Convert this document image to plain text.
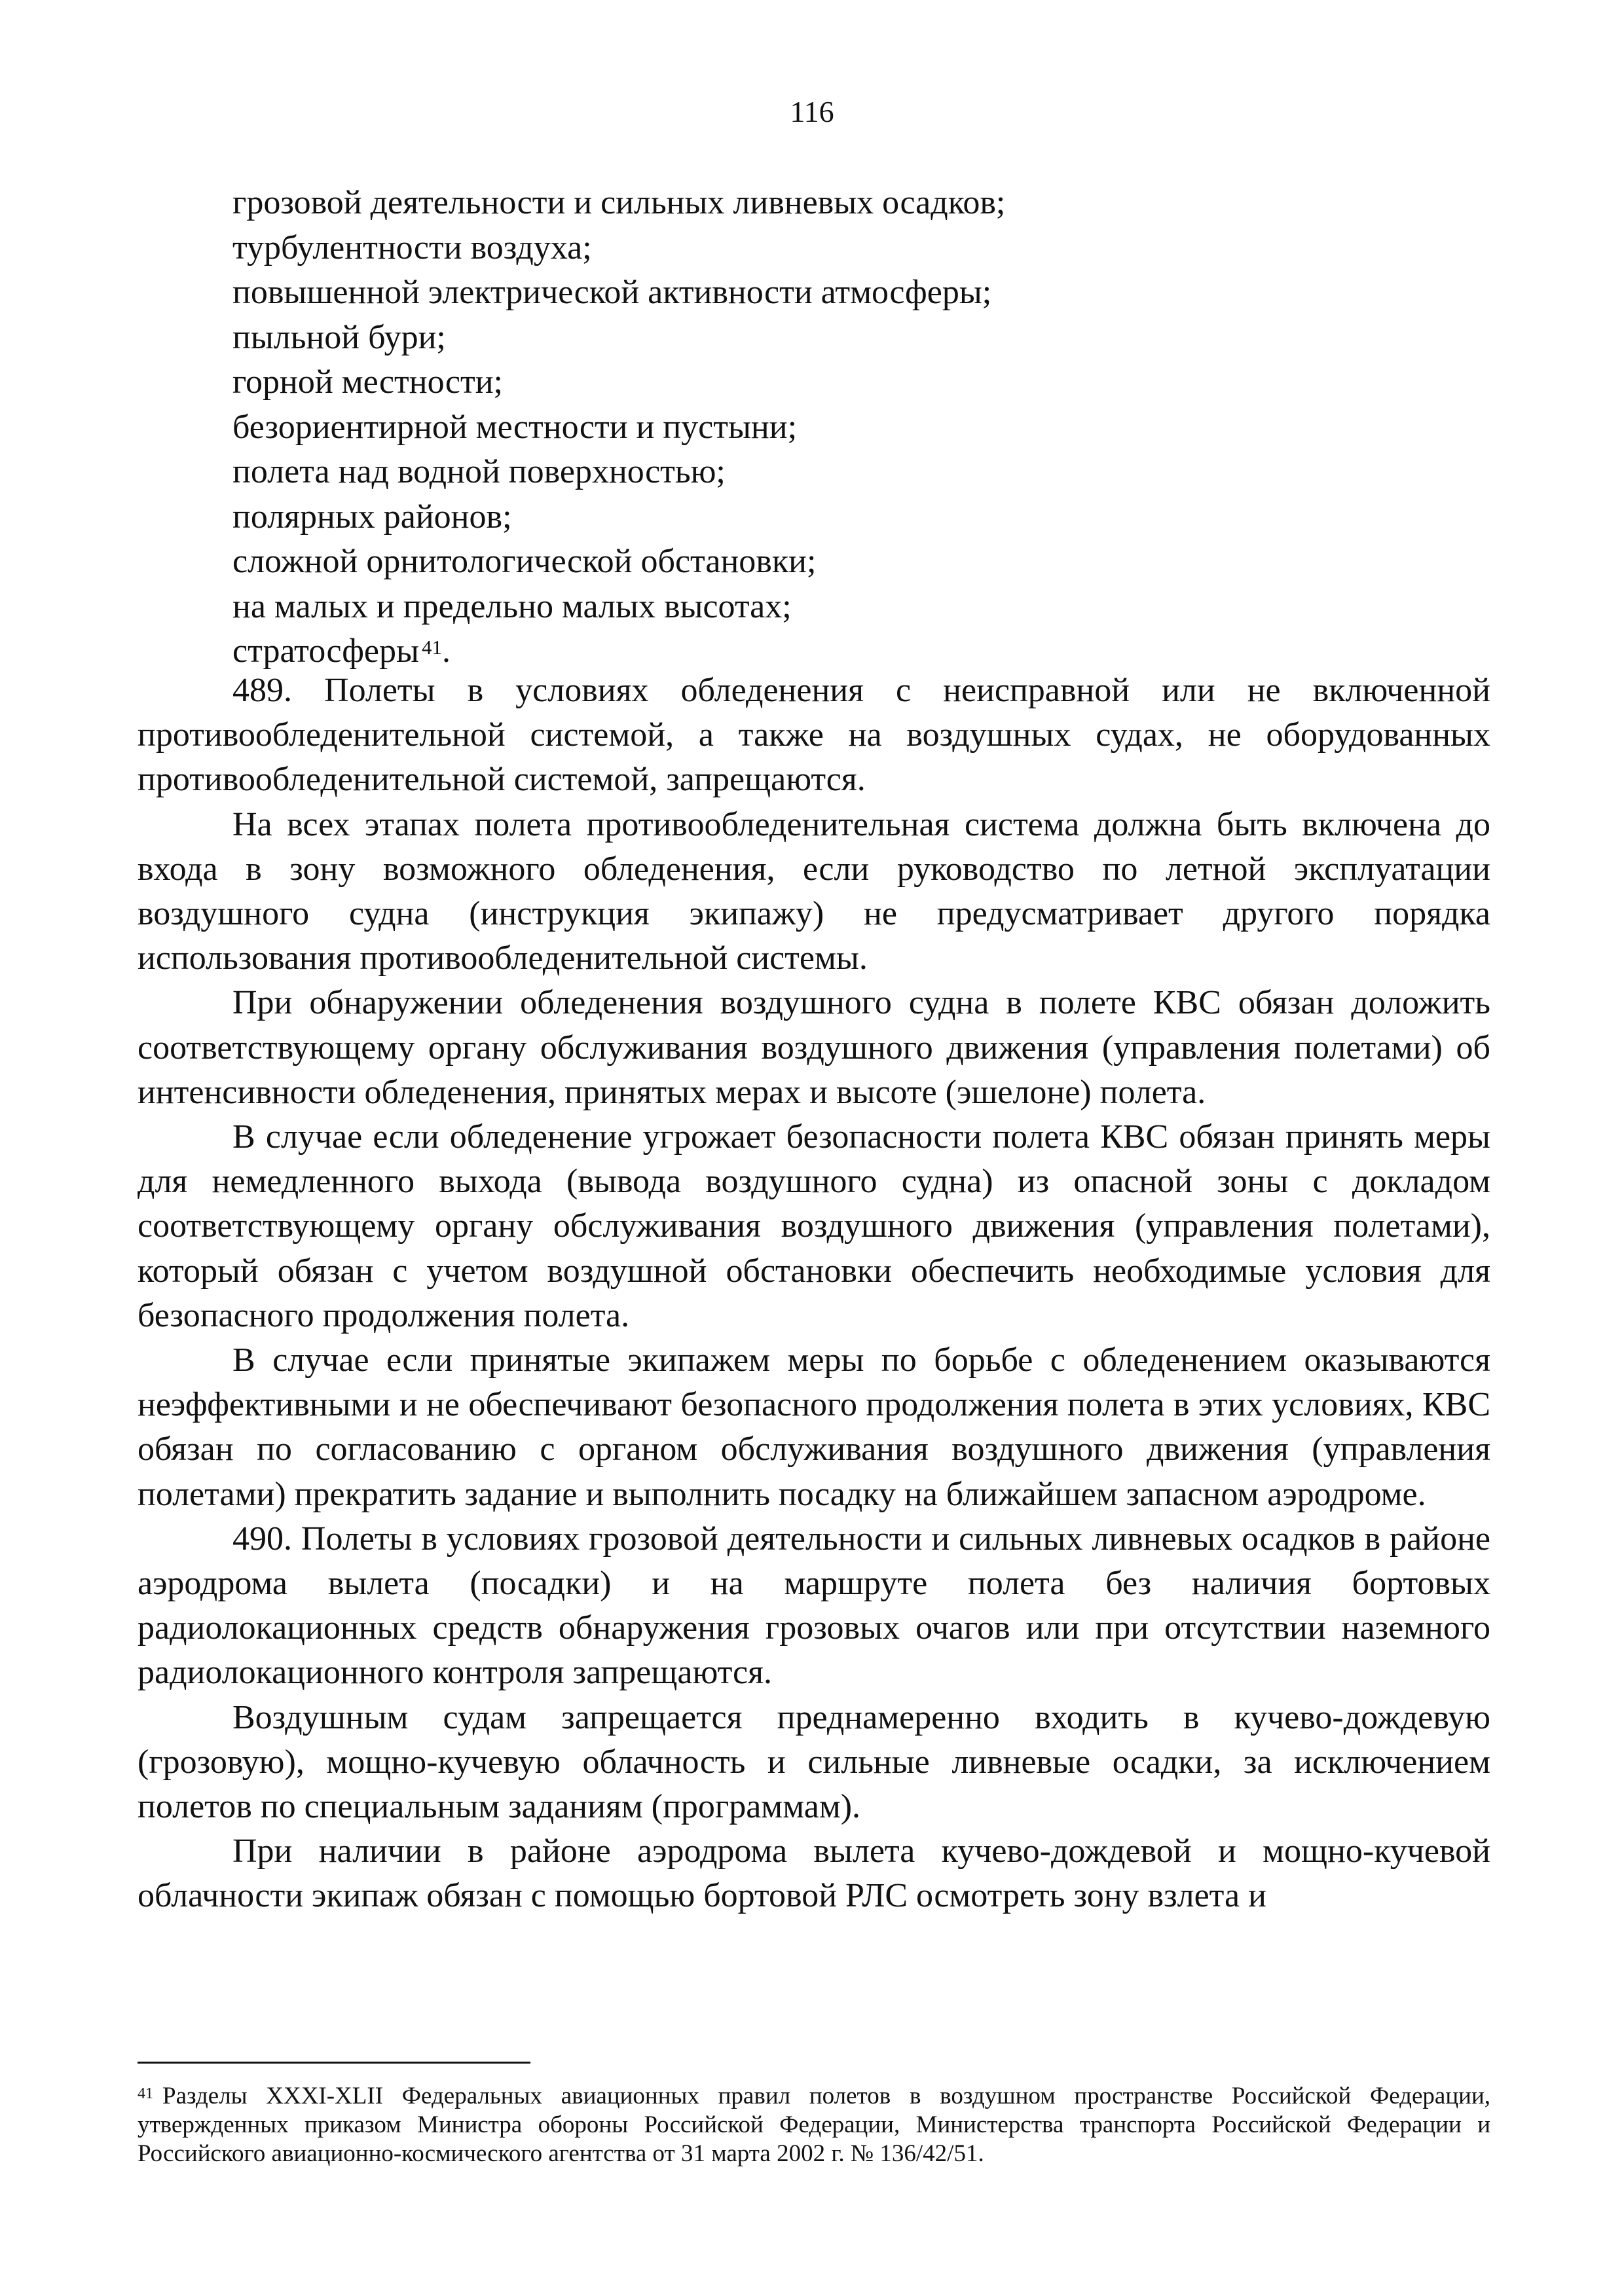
116
грозовой деятельности и сильных ливневых осадков;
турбулентности воздуха;
повышенной электрической активности атмосферы;
пыльной бури;
горной местности;
безориентирной местности и пустыни;
полета над водной поверхностью;
полярных районов;
сложной орнитологической обстановки;
на малых и предельно малых высотах;
стратосферы $^{41}$.

489. Полеты в условиях обледенения с неисправной или не включенной противообледенительной системой, а также на воздушных судах, не оборудованных противообледенительной системой, запрещаются.

На всех этапах полета противообледенительная система должна быть включена до входа в зону возможного обледенения, если руководство по летной эксплуатации воздушного судна (инструкция экипажу) не предусматривает другого порядка использования противообледенительной системы.

При обнаружении обледенения воздушного судна в полете КВС обязан доложить соответствующему органу обслуживания воздушного движения (управления полетами) об интенсивности обледенения, принятых мерах и высоте (эшелоне) полета.

В случае если обледенение угрожает безопасности полета КВС обязан принять меры для немедленного выхода (вывода воздушного судна) из опасной зоны с докладом соответствующему органу обслуживания воздушного движения (управления полетами), который обязан с учетом воздушной обстановки обеспечить необходимые условия для безопасного продолжения полета.

В случае если принятые экипажем меры по борьбе с обледенением оказываются неэффективными и не обеспечивают безопасного продолжения полета в этих условиях, КВС обязан по согласованию с органом обслуживания воздушного движения (управления полетами) прекратить задание и выполнить посадку на ближайшем запасном аэродроме.

490. Полеты в условиях грозовой деятельности и сильных ливневых осадков в районе аэродрома вылета (посадки) и на маршруте полета без наличия бортовых радиолокационных средств обнаружения грозовых очагов или при отсутствии наземного радиолокационного контроля запрещаются.

Воздушным судам запрещается преднамеренно входить в кучево-дождевую (грозовую), мощно-кучевую облачность и сильные ливневые осадки, за исключением полетов по специальным заданиям (программам).

При наличии в районе аэродрома вылета кучево-дождевой и мощно-кучевой облачности экипаж обязан с помощью бортовой РЛС осмотреть зону взлета и

$^{41}$ Разделы XXXI-XLII Федеральных авиационных правил полетов в воздушном пространстве Российской Федерации, утвержденных приказом Министра обороны Российской Федерации, Министерства транспорта Российской Федерации и Российского авиационно-космического агентства от 31 марта 2002 г. № 136/42/51.
